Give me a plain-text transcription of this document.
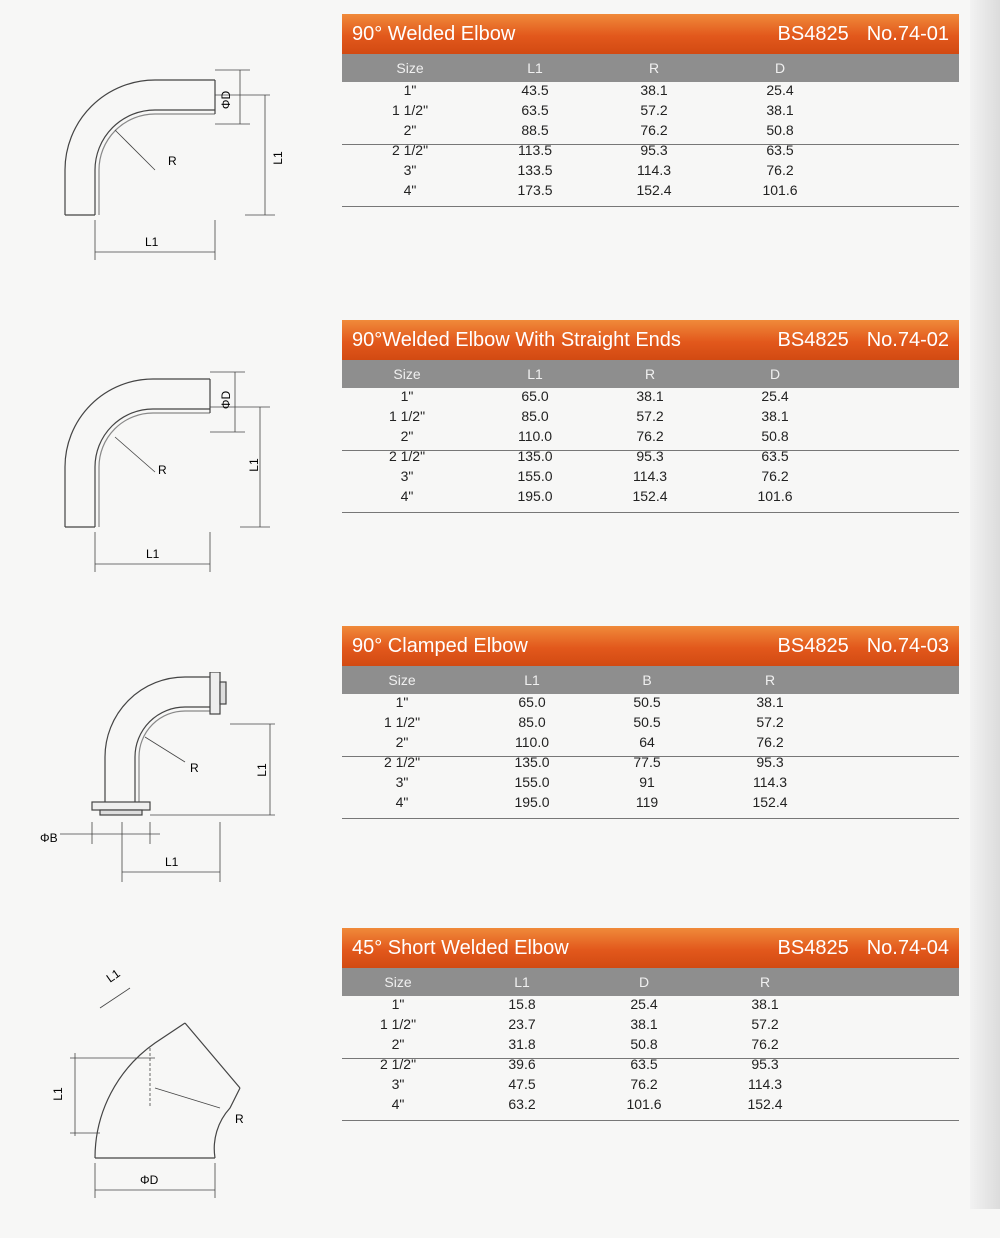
ΦD
L1
R
L1
90° Welded Elbow	BS4825 No.74-01
Size	L1	R	D
1"	43.5	38.1	25.4
1 1/2"	63.5	57.2	38.1
2"	88.5	76.2	50.8
2 1/2"	113.5	95.3	63.5
3"	133.5	114.3	76.2
4"	173.5	152.4	101.6
ΦD
L1
R
L1
90°Welded Elbow With Straight Ends	BS4825 No.74-02
Size	L1	R	D
1"	65.0	38.1	25.4
1 1/2"	85.0	57.2	38.1
2"	110.0	76.2	50.8
2 1/2"	135.0	95.3	63.5
3"	155.0	114.3	76.2
4"	195.0	152.4	101.6
ΦB
L1
R
L1
90° Clamped Elbow	BS4825 No.74-03
Size	L1	B	R
1"	65.0	50.5	38.1
1 1/2"	85.0	50.5	57.2
2"	110.0	64	76.2
2 1/2"	135.0	77.5	95.3
3"	155.0	91	114.3
4"	195.0	119	152.4
L1
L1
R
ΦD
45° Short Welded Elbow	BS4825 No.74-04
Size	L1	D	R
1"	15.8	25.4	38.1
1 1/2"	23.7	38.1	57.2
2"	31.8	50.8	76.2
2 1/2"	39.6	63.5	95.3
3"	47.5	76.2	114.3
4"	63.2	101.6	152.4
